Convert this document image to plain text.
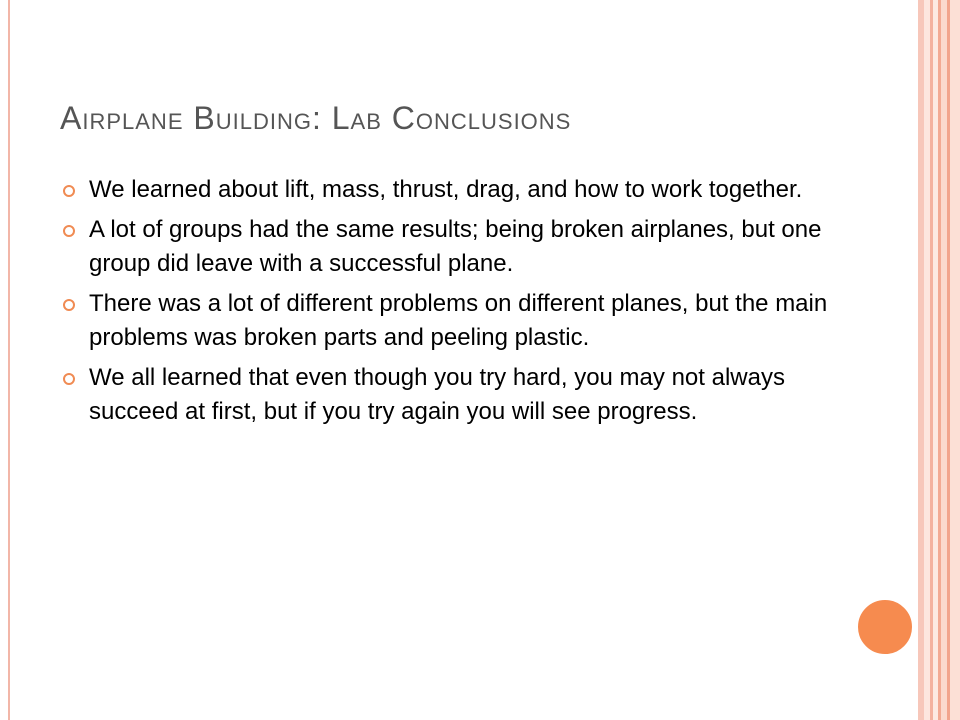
Airplane Building: Lab Conclusions
We learned about lift, mass, thrust, drag, and how to work together.
A lot of groups had the same results; being broken airplanes, but one group did leave with a successful plane.
There was a lot of different problems on different planes, but the main problems was broken parts and peeling plastic.
We all learned that even though you try hard, you may not always succeed at first, but if you try again you will see progress.
